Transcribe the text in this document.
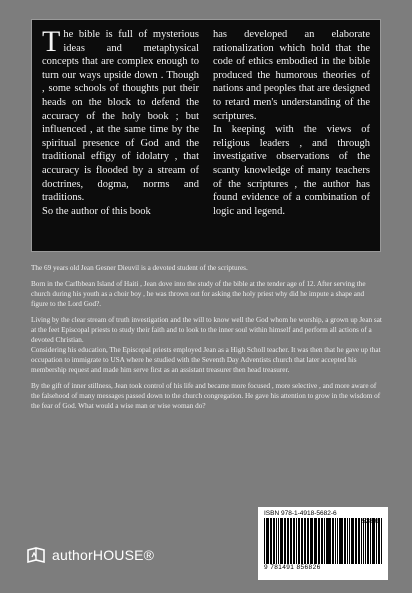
The bible is full of mysterious ideas and metaphysical concepts that are complex enough to turn our ways upside down . Though , some schools of thoughts put their heads on the block to defend the accuracy of the holy book ; but influenced , at the same time by the spiritual presence of God and the traditional effigy of idolatry , that accuracy is flooded by a stream of doctrines, dogma, norms and traditions.

So the author of this book

has developed an elaborate rationalization which hold that the code of ethics embodied in the bible produced the humorous theories of nations and peoples that are designed to retard men's understanding of the scriptures.

In keeping with the views of religious leaders , and through investigative observations of the scanty knowledge of many teachers of the scriptures , the author has found evidence of a combination of logic and legend.

The 69 years old Jean Gesner Dieuvil is a devoted student of the scriptures.

Born in the CarIbbean Island of Haiti , Jean dove into the study of the bible at the tender age of 12. After serving the church during his youth as a choir boy , he was thrown out for asking the holy priest why did he impute a shape and figure to the Lord God?.

Living by the clear stream of truth investigation and the will to know well the God whom he worship, a grown up Jean sat at the feet Episcopal priests to study their faith and to look to the inner soul within himself and perform all actions of a devoted Christian.

Considering his education, The Episcopal priests employed Jean as a High Scholl teacher. It was then that he gave up that occupation to immigrate to USA where he studied with the Seventh Day Adventists church that later accepted his membership request and made him serve first as an assistant treasurer then head treasurer.

By the gift of inner stillness, Jean took control of his life and became more focused , more selective , and more aware of the falsehood of many messages passed down to the church congregation. He gave his attention to grow in the wisdom of the fear of God. What would a wise man or wise woman do?

authorHOUSE®
ISBN 978-1-4918-5682-6
52899
9 781491 856826
